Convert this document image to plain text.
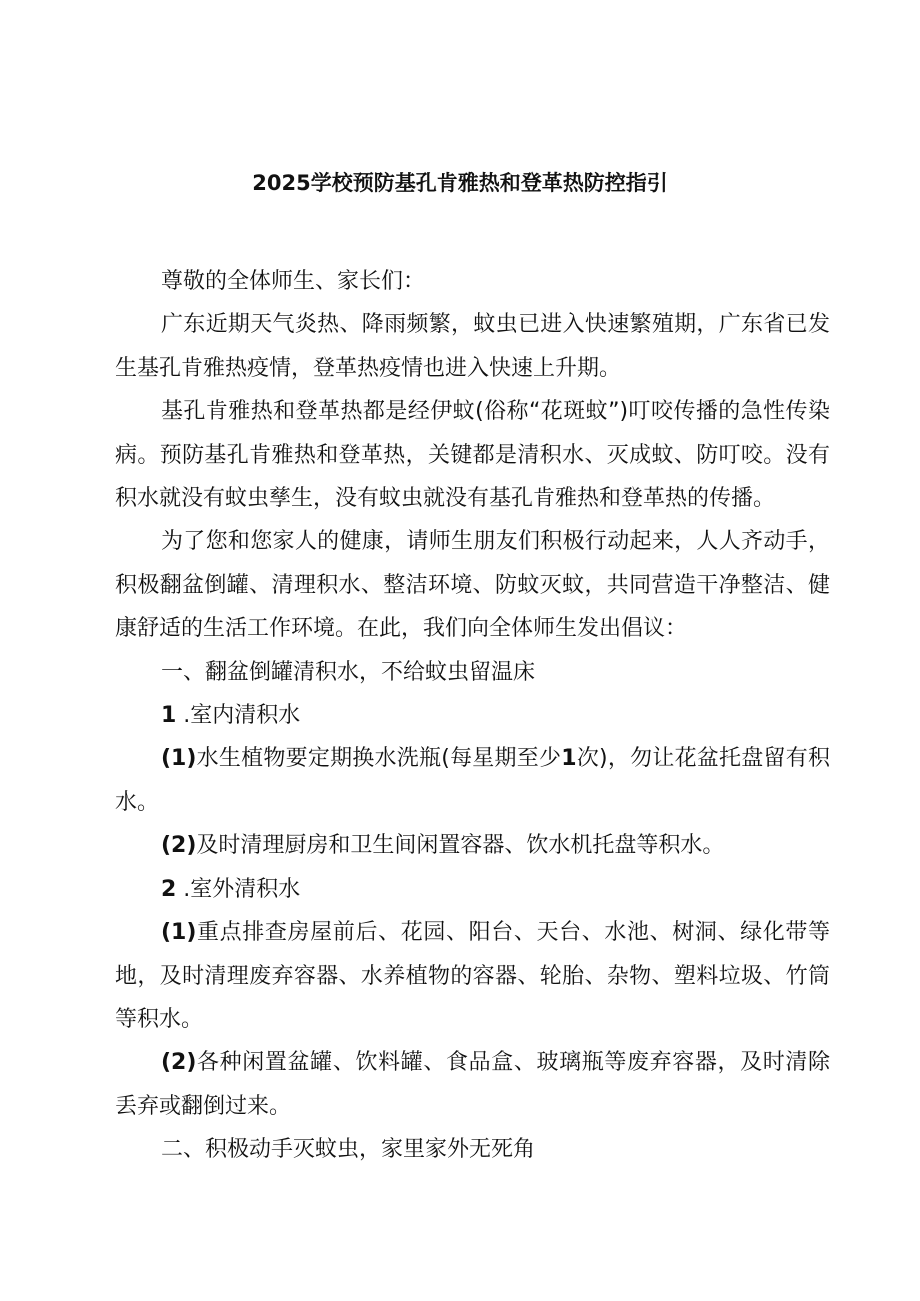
2025学校预防基孔肯雅热和登革热防控指引

尊敬的全体师生、家长们：

广东近期天气炎热、降雨频繁，蚊虫已进入快速繁殖期，广东省已发生基孔肯雅热疫情，登革热疫情也进入快速上升期。

基孔肯雅热和登革热都是经伊蚊(俗称“花斑蚊”)叮咬传播的急性传染病。预防基孔肯雅热和登革热，关键都是清积水、灭成蚊、防叮咬。没有积水就没有蚊虫孳生，没有蚊虫就没有基孔肯雅热和登革热的传播。

为了您和您家人的健康，请师生朋友们积极行动起来，人人齐动手，积极翻盆倒罐、清理积水、整洁环境、防蚊灭蚊，共同营造干净整洁、健康舒适的生活工作环境。在此，我们向全体师生发出倡议：

一、翻盆倒罐清积水，不给蚊虫留温床

1 .室内清积水

(1)水生植物要定期换水洗瓶(每星期至少1次)，勿让花盆托盘留有积水。

(2)及时清理厨房和卫生间闲置容器、饮水机托盘等积水。

2 .室外清积水

(1)重点排查房屋前后、花园、阳台、天台、水池、树洞、绿化带等地，及时清理废弃容器、水养植物的容器、轮胎、杂物、塑料垃圾、竹筒等积水。

(2)各种闲置盆罐、饮料罐、食品盒、玻璃瓶等废弃容器，及时清除丢弃或翻倒过来。

二、积极动手灭蚊虫，家里家外无死角
